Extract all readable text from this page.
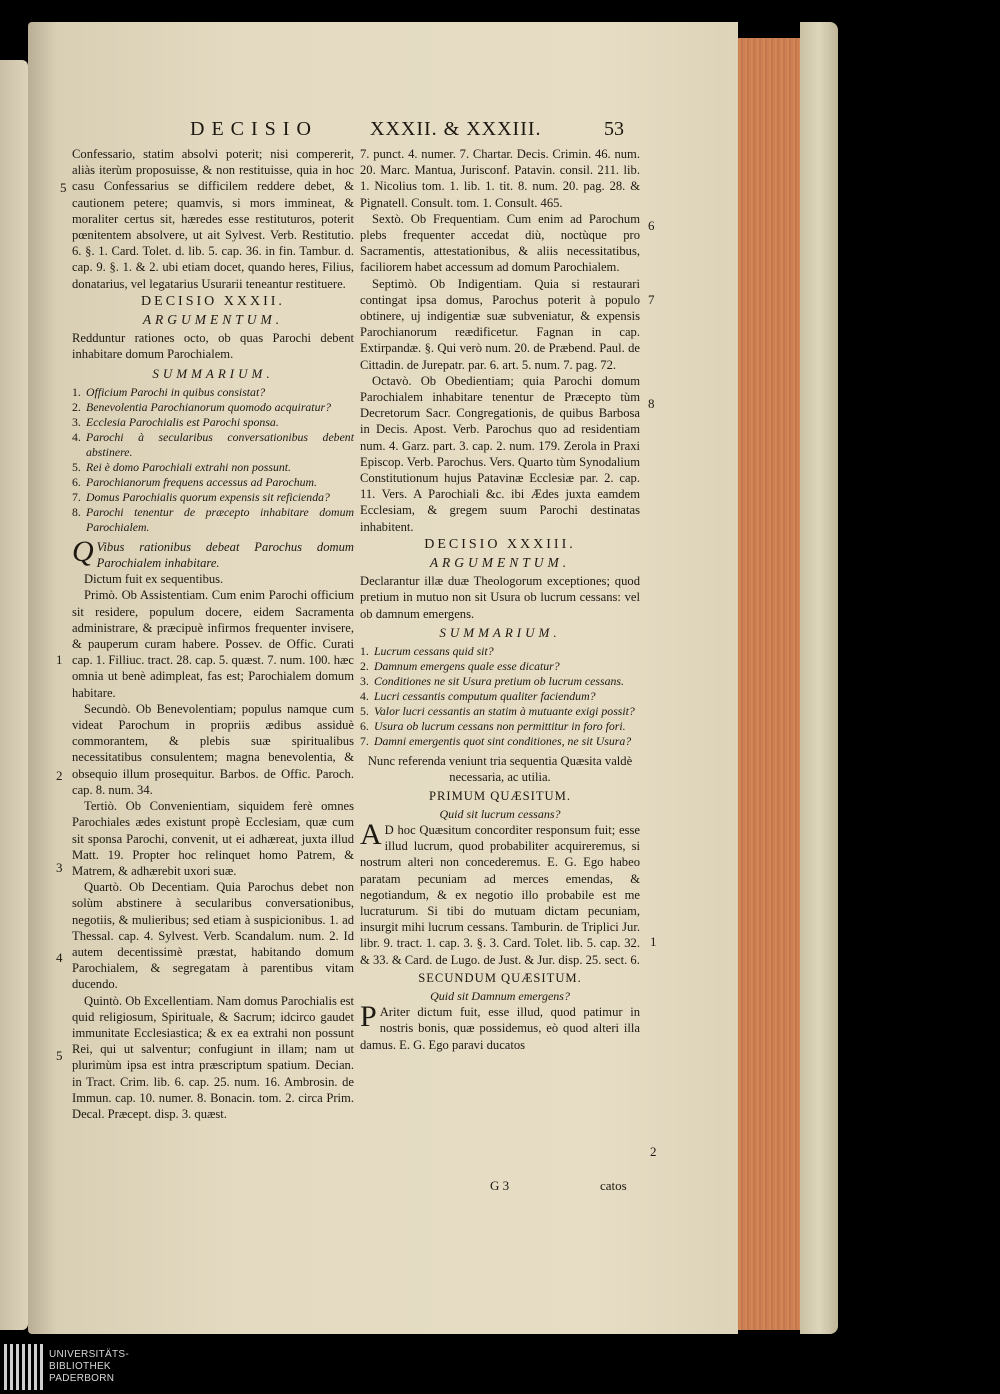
DECISIO	XXXII. & XXXIII.	53

Confessario, statim absolvi poterit; nisi compererit, aliàs iterùm proposuisse, & non restituisse, quia in hoc casu Confessarius se difficilem reddere debet, & cautionem petere; quamvis, si mors immineat, & moraliter certus sit, hæredes esse restituturos, poterit pœnitentem absolvere, ut ait Sylvest. Verb. Restitutio. 6. §. 1. Card. Tolet. d. lib. 5. cap. 36. in fin. Tambur. d. cap. 9. §. 1. & 2. ubi etiam docet, quando heres, Filius, donatarius, vel legatarius Usurarii teneantur restituere.

DECISIO XXXII.

ARGUMENTUM.

Redduntur rationes octo, ob quas Parochi debent inhabitare domum Parochialem.

SUMMARIUM.

1. Officium Parochi in quibus consistat?
2. Benevolentia Parochianorum quomodo acquiratur?
3. Ecclesia Parochialis est Parochi sponsa.
4. Parochi à secularibus conversationibus debent abstinere.
5. Rei è domo Parochiali extrahi non possunt.
6. Parochianorum frequens accessus ad Parochum.
7. Domus Parochialis quorum expensis sit reficienda?
8. Parochi tenentur de præcepto inhabitare domum Parochialem.

Q Vibus rationibus debeat Parochus domum Parochialem inhabitare.

Dictum fuit ex sequentibus.

Primò. Ob Assistentiam. Cum enim Parochi officium sit residere, populum docere, eidem Sacramenta administrare, & præcipuè infirmos frequenter invisere, & pauperum curam habere. Possev. de Offic. Curati cap. 1. Filliuc. tract. 28. cap. 5. quæst. 7. num. 100. hæc omnia ut benè adimpleat, fas est; Parochialem domum habitare.

Secundò. Ob Benevolentiam; populus namque cum videat Parochum in propriis ædibus assiduè commorantem, & plebis suæ spiritualibus necessitatibus consulentem; magna benevolentia, & obsequio illum prosequitur. Barbos. de Offic. Paroch. cap. 8. num. 34.

Tertiò. Ob Convenientiam, siquidem ferè omnes Parochiales ædes existunt propè Ecclesiam, quæ cum sit sponsa Parochi, convenit, ut ei adhæreat, juxta illud Matt. 19. Propter hoc relinquet homo Patrem, & Matrem, & adhærebit uxori suæ.

Quartò. Ob Decentiam. Quia Parochus debet non solùm abstinere à secularibus conversationibus, negotiis, & mulieribus; sed etiam à suspicionibus. 1. ad Thessal. cap. 4. Sylvest. Verb. Scandalum. num. 2. Id autem decentissimè præstat, habitando domum Parochialem, & segregatam à parentibus vitam ducendo.

Quintò. Ob Excellentiam. Nam domus Parochialis est quid religiosum, Spirituale, & Sacrum; idcirco gaudet immunitate Ecclesiastica; & ex ea extrahi non possunt Rei, qui ut salventur; confugiunt in illam; nam ut plurimùm ipsa est intra præscriptum spatium. Decian. in Tract. Crim. lib. 6. cap. 25. num. 16. Ambrosin. de Immun. cap. 10. numer. 8. Bonacin. tom. 2. circa Prim. Decal. Præcept. disp. 3. quæst.

7. punct. 4. numer. 7. Chartar. Decis. Crimin. 46. num. 20. Marc. Mantua, Jurisconf. Patavin. consil. 211. lib. 1. Nicolius tom. 1. lib. 1. tit. 8. num. 20. pag. 28. & Pignatell. Consult. tom. 1. Consult. 465.

Sextò. Ob Frequentiam. Cum enim ad Parochum plebs frequenter accedat diù, noctùque pro Sacramentis, attestationibus, & aliis necessitatibus, faciliorem habet accessum ad domum Parochialem.

Septimò. Ob Indigentiam. Quia si restaurari contingat ipsa domus, Parochus poterit à populo obtinere, uj indigentiæ suæ subveniatur, & expensis Parochianorum reædificetur. Fagnan in cap. Extirpandæ. §. Qui verò num. 20. de Præbend. Paul. de Cittadin. de Jurepatr. par. 6. art. 5. num. 7. pag. 72.

Octavò. Ob Obedientiam; quia Parochi domum Parochialem inhabitare tenentur de Præcepto tùm Decretorum Sacr. Congregationis, de quibus Barbosa in Decis. Apost. Verb. Parochus quo ad residentiam num. 4. Garz. part. 3. cap. 2. num. 179. Zerola in Praxi Episcop. Verb. Parochus. Vers. Quarto tùm Synodalium Constitutionum hujus Patavinæ Ecclesiæ par. 2. cap. 11. Vers. A Parochiali &c. ibi Ædes juxta eamdem Ecclesiam, & gregem suum Parochi destinatas inhabitent.

DECISIO XXXIII.

ARGUMENTUM.

Declarantur illæ duæ Theologorum exceptiones; quod pretium in mutuo non sit Usura ob lucrum cessans: vel ob damnum emergens.

SUMMARIUM.

1. Lucrum cessans quid sit?
2. Damnum emergens quale esse dicatur?
3. Conditiones ne sit Usura pretium ob lucrum cessans.
4. Lucri cessantis computum qualiter faciendum?
5. Valor lucri cessantis an statim à mutuante exigi possit?
6. Usura ob lucrum cessans non permittitur in foro fori.
7. Damni emergentis quot sint conditiones, ne sit Usura?

Nunc referenda veniunt tria sequentia Quæsita valdè necessaria, ac utilia.

PRIMUM QUÆSITUM.

Quid sit lucrum cessans?

A D hoc Quæsitum concorditer responsum fuit; esse illud lucrum, quod probabiliter acquireremus, si nostrum alteri non concederemus. E. G. Ego habeo paratam pecuniam ad merces emendas, & negotiandum, & ex negotio illo probabile est me lucraturum. Si tibi do mutuam dictam pecuniam, insurgit mihi lucrum cessans. Tamburin. de Triplici Jur. libr. 9. tract. 1. cap. 3. §. 3. Card. Tolet. lib. 5. cap. 32. & 33. & Card. de Lugo. de Just. & Jur. disp. 25. sect. 6.

SECUNDUM QUÆSITUM.

Quid sit Damnum emergens?

P Ariter dictum fuit, esse illud, quod patimur in nostris bonis, quæ possidemus, eò quod alteri illa damus. E. G. Ego paravi ducatos

5
1
2
3
4
5
6
7
8
1
2
G 3	catos
UNIVERSITÄTS-
BIBLIOTHEK
PADERBORN
